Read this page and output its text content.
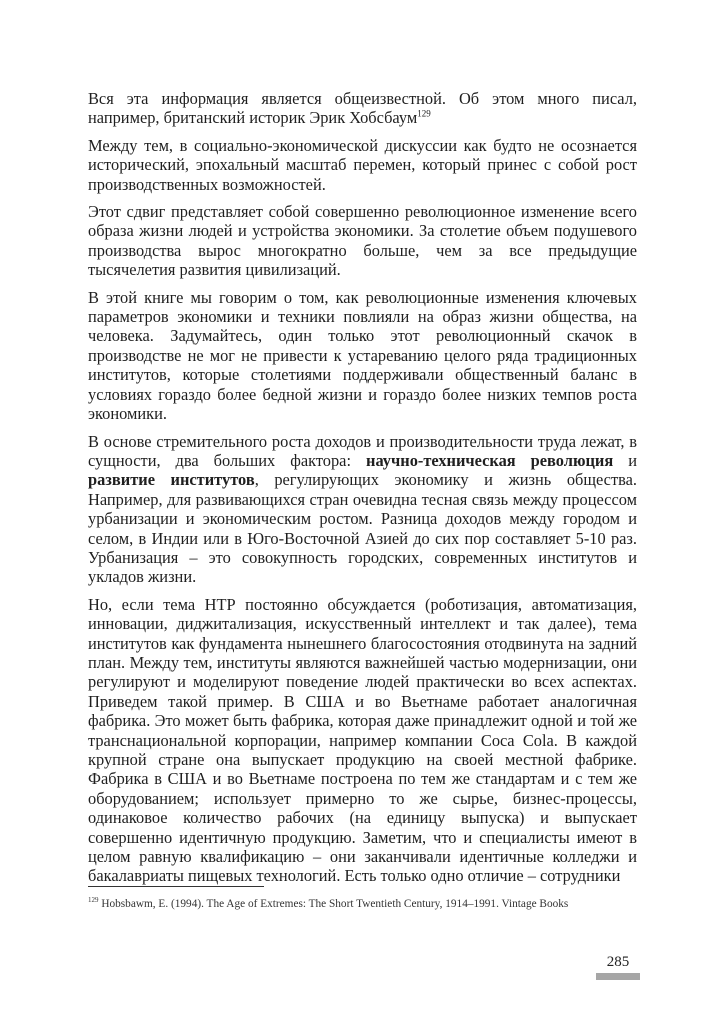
Вся эта информация является общеизвестной. Об этом много писал, например, британский историк Эрик Хобсбаум$^{129}$

Между тем, в социально-экономической дискуссии как будто не осознается исторический, эпохальный масштаб перемен, который принес с собой рост производственных возможностей.

Этот сдвиг представляет собой совершенно революционное изменение всего образа жизни людей и устройства экономики. За столетие объем подушевого производства вырос многократно больше, чем за все предыдущие тысячелетия развития цивилизаций.

В этой книге мы говорим о том, как революционные изменения ключевых параметров экономики и техники повлияли на образ жизни общества, на человека. Задумайтесь, один только этот революционный скачок в производстве не мог не привести к устареванию целого ряда традиционных институтов, которые столетиями поддерживали общественный баланс в условиях гораздо более бедной жизни и гораздо более низких темпов роста экономики.

В основе стремительного роста доходов и производительности труда лежат, в сущности, два больших фактора: научно-техническая революция и развитие институтов, регулирующих экономику и жизнь общества. Например, для развивающихся стран очевидна тесная связь между процессом урбанизации и экономическим ростом. Разница доходов между городом и селом, в Индии или в Юго-Восточной Азией до сих пор составляет 5-10 раз. Урбанизация – это совокупность городских, современных институтов и укладов жизни.

Но, если тема НТР постоянно обсуждается (роботизация, автоматизация, инновации, диджитализация, искусственный интеллект и так далее), тема институтов как фундамента нынешнего благосостояния отодвинута на задний план. Между тем, институты являются важнейшей частью модернизации, они регулируют и моделируют поведение людей практически во всех аспектах. Приведем такой пример. В США и во Вьетнаме работает аналогичная фабрика. Это может быть фабрика, которая даже принадлежит одной и той же транснациональной корпорации, например компании Coca Cola. В каждой крупной стране она выпускает продукцию на своей местной фабрике. Фабрика в США и во Вьетнаме построена по тем же стандартам и с тем же оборудованием; использует примерно то же сырье, бизнес-процессы, одинаковое количество рабочих (на единицу выпуска) и выпускает совершенно идентичную продукцию. Заметим, что и специалисты имеют в целом равную квалификацию – они заканчивали идентичные колледжи и бакалавриаты пищевых технологий. Есть только одно отличие – сотрудники

$^{129}$ Hobsbawm, E. (1994). The Age of Extremes: The Short Twentieth Century, 1914–1991. Vintage Books

285
